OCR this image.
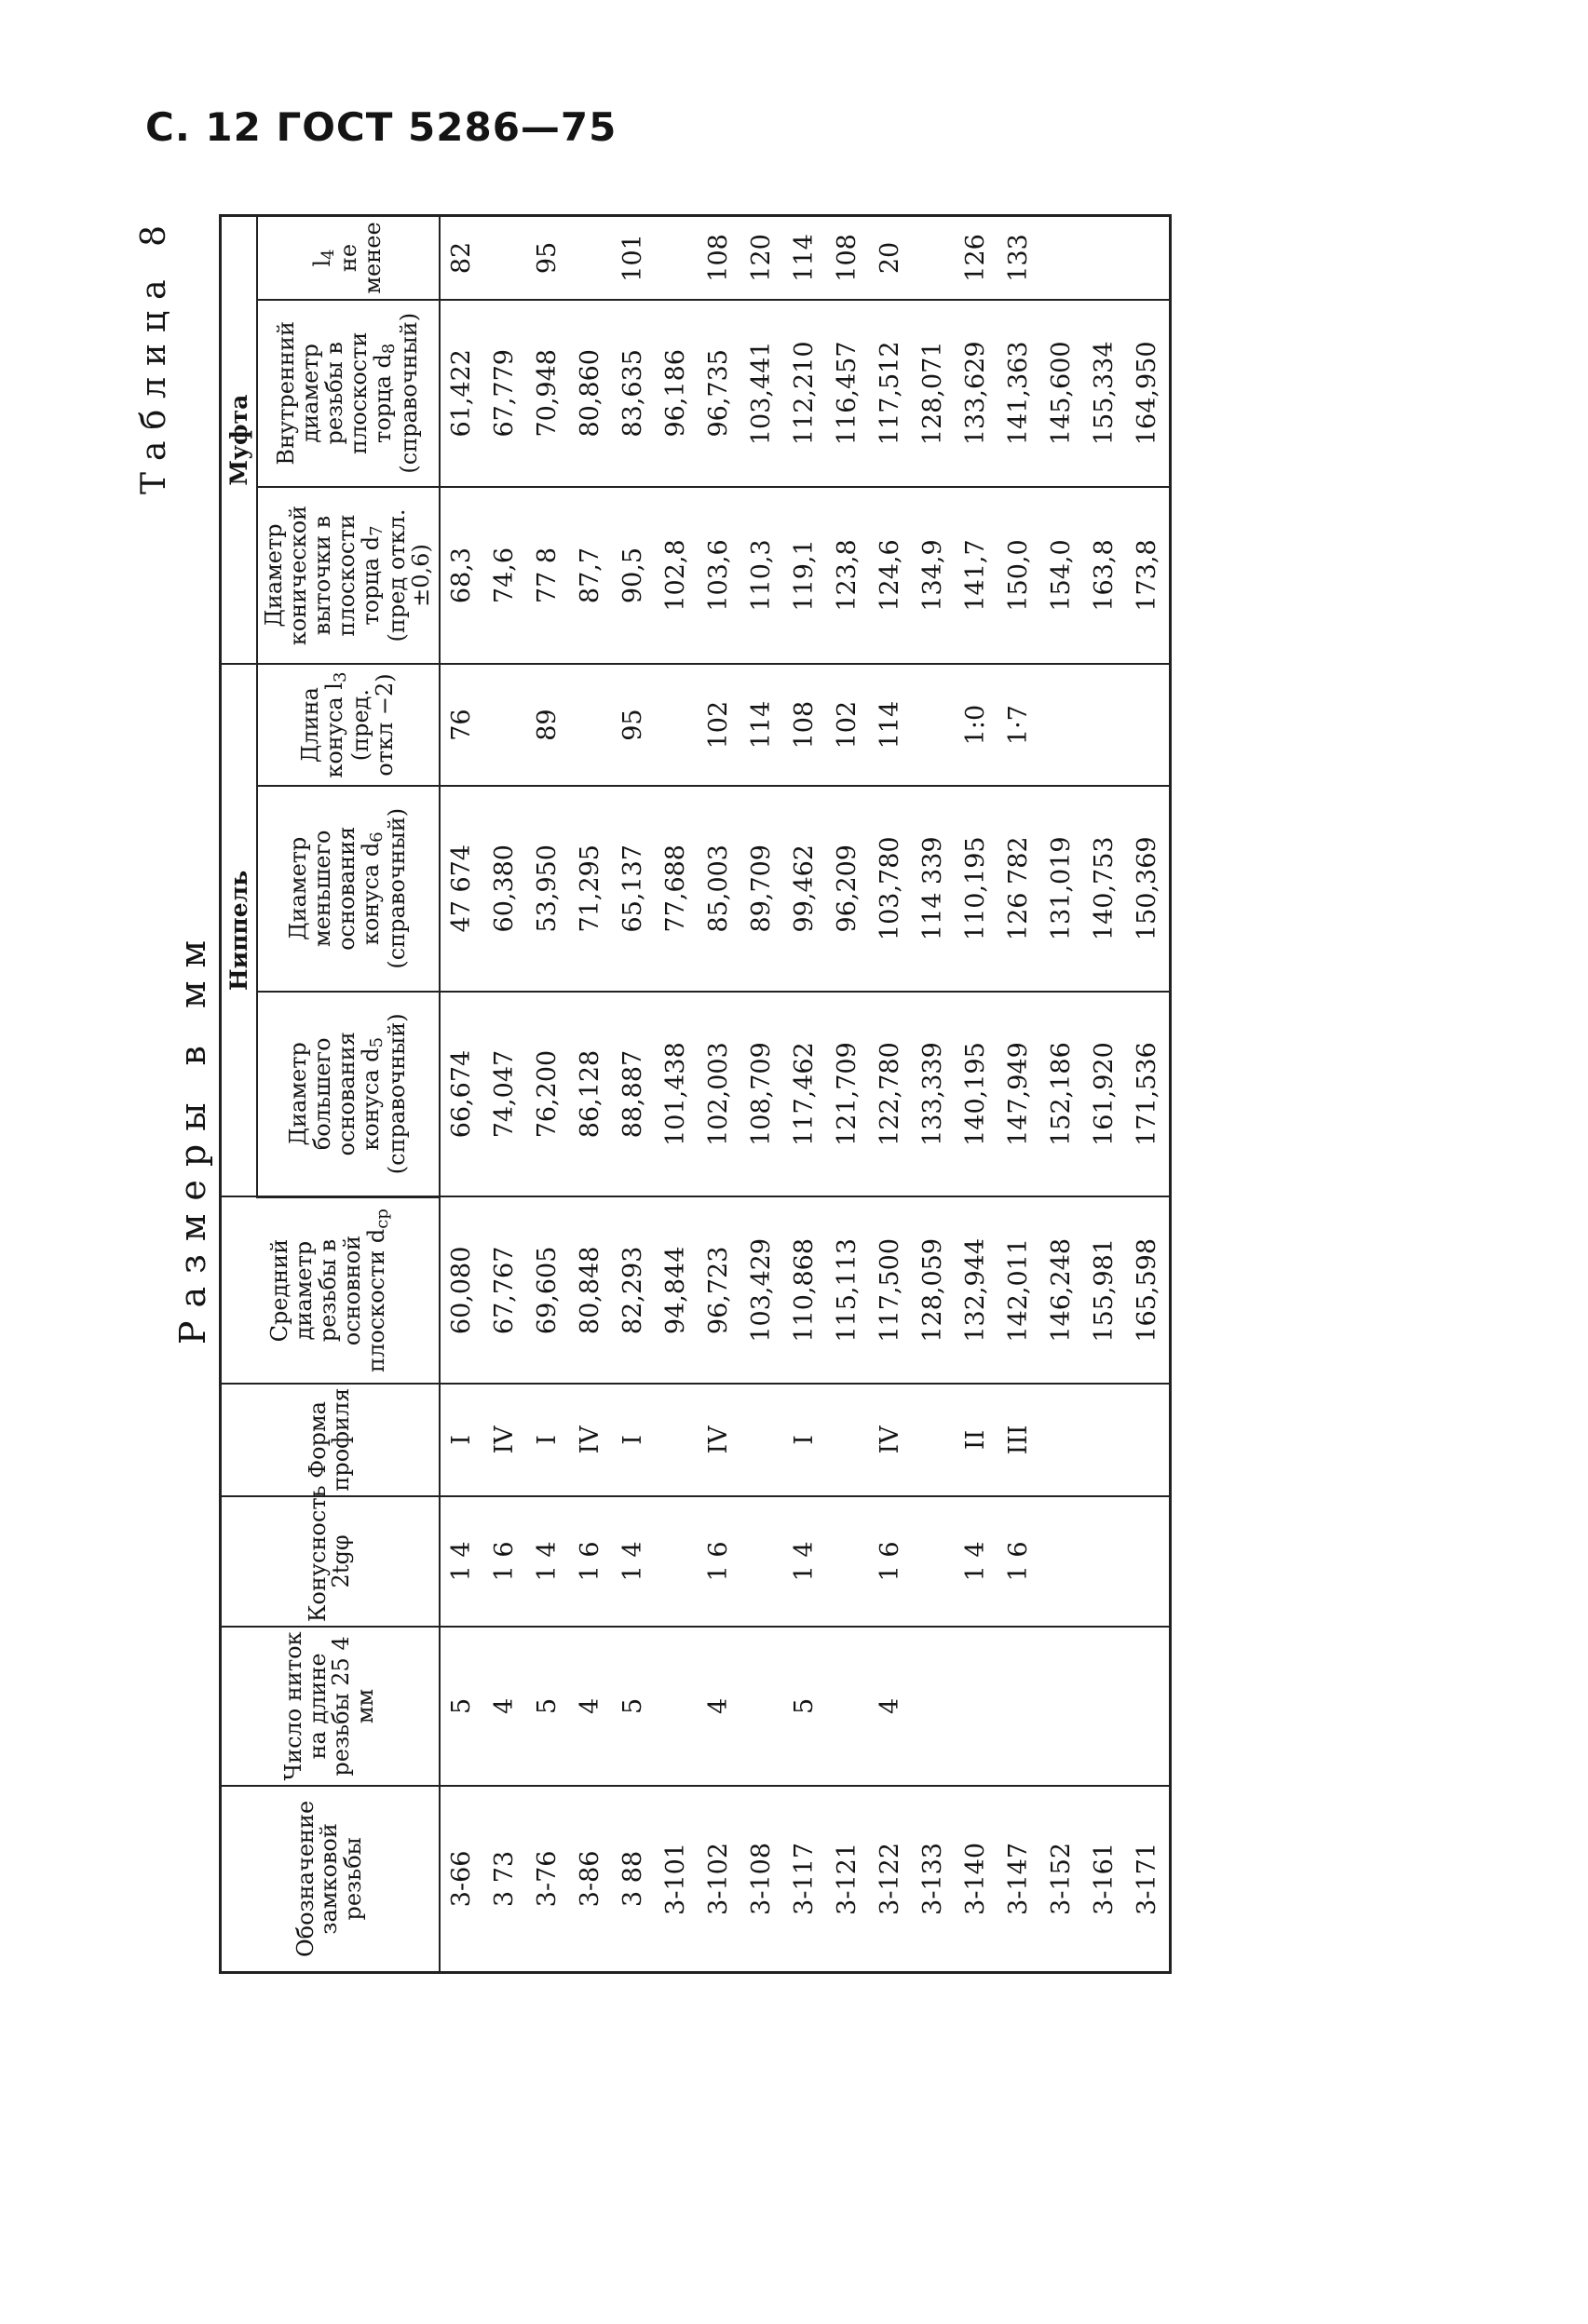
С. 12 ГОСТ 5286—75
Размеры в мм
Таблица 8
Обозначение замковой резьбы	Число ниток на длине резьбы 25 4 мм	Конусность 2tgφ	Форма профиля	Средний диаметр резьбы в основной плоскости $d_{ср}$	Ниппель			Муфта		
					Диаметр большего основания конуса $d_5$
(справочный)	Диаметр меньшего основания конуса $d_6$
(справочный)	Длина конуса $l_3$
(пред. откл −2)	Диаметр конической выточки в плоскости торца $d_7$
(пред откл. ±0,6)	Внутренний диаметр резьбы в плоскости торца $d_8$
(справочный)	$l_4$
не менее
3-66	5	1 4	I	60,080	66,674	47 674	76	68,3	61,422	82
3 73	4	1 6	IV	67,767	74,047	60,380		74,6	67,779	
3-76	5	1 4	I	69,605	76,200	53,950	89	77 8	70,948	95
3-86	4	1 6	IV	80,848	86,128	71,295		87,7	80,860	
3 88	5	1 4	I	82,293	88,887	65,137	95	90,5	83,635	101
3-101				94,844	101,438	77,688		102,8	96,186	
3-102	4	1 6	IV	96,723	102,003	85,003	102	103,6	96,735	108
3-108				103,429	108,709	89,709	114	110,3	103,441	120
3-117	5	1 4	I	110,868	117,462	99,462	108	119,1	112,210	114
3-121				115,113	121,709	96,209	102	123,8	116,457	108
3-122	4	1 6	IV	117,500	122,780	103,780	114	124,6	117,512	20
3-133				128,059	133,339	114 339		134,9	128,071	
3-140		1 4	II	132,944	140,195	110,195	1:0	141,7	133,629	126
3-147		1 6	III	142,011	147,949	126 782	1·7	150,0	141,363	133
3-152				146,248	152,186	131,019		154,0	145,600	
3-161				155,981	161,920	140,753		163,8	155,334	
3-171				165,598	171,536	150,369		173,8	164,950	
